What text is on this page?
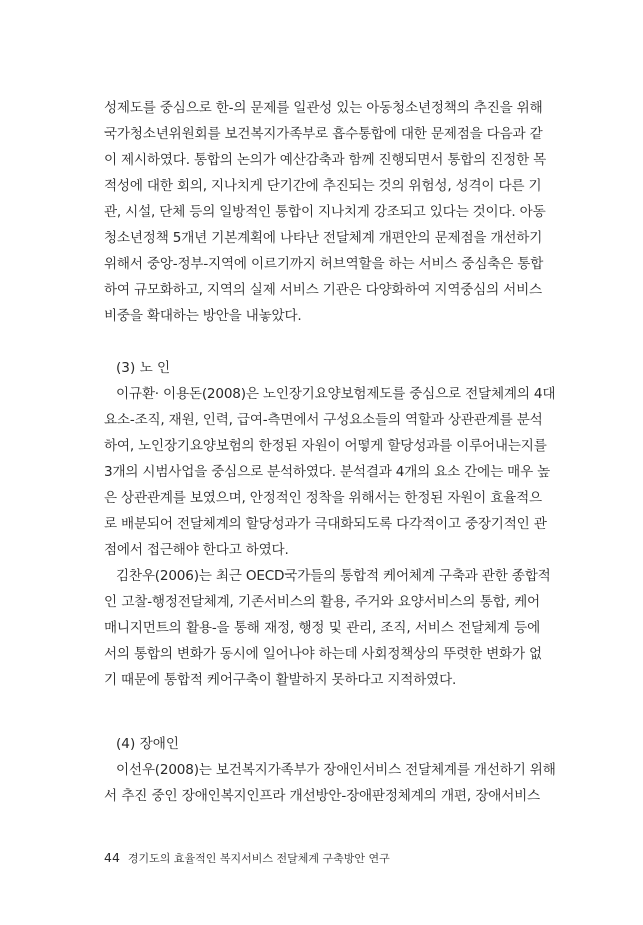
성제도를 중심으로 한-의 문제를 일관성 있는 아동청소년정책의 추진을 위해
국가청소년위원회를 보건복지가족부로 흡수통합에 대한 문제점을 다음과 같
이 제시하였다. 통합의 논의가 예산감축과 함께 진행되면서 통합의 진정한 목
적성에 대한 회의, 지나치게 단기간에 추진되는 것의 위험성, 성격이 다른 기
관, 시설, 단체 등의 일방적인 통합이 지나치게 강조되고 있다는 것이다. 아동
청소년정책 5개년 기본계획에 나타난 전달체계 개편안의 문제점을 개선하기
위해서 중앙-정부-지역에 이르기까지 허브역할을 하는 서비스 중심축은 통합
하여 규모화하고, 지역의 실제 서비스 기관은 다양화하여 지역중심의 서비스
비중을 확대하는 방안을 내놓았다.
(3) 노 인
이규환· 이용돈(2008)은 노인장기요양보험제도를 중심으로 전달체계의 4대
요소-조직, 재원, 인력, 급여-측면에서 구성요소들의 역할과 상관관계를 분석
하여, 노인장기요양보험의 한정된 자원이 어떻게 할당성과를 이루어내는지를
3개의 시범사업을 중심으로 분석하였다. 분석결과 4개의 요소 간에는 매우 높
은 상관관계를 보였으며, 안정적인 정착을 위해서는 한정된 자원이 효율적으
로 배분되어 전달체계의 할당성과가 극대화되도록 다각적이고 중장기적인 관
점에서 접근해야 한다고 하였다.
김찬우(2006)는 최근 OECD국가들의 통합적 케어체계 구축과 관한 종합적
인 고찰-행정전달체계, 기존서비스의 활용, 주거와 요양서비스의 통합, 케어
매니지먼트의 활용-을 통해 재정, 행정 및 관리, 조직, 서비스 전달체계 등에
서의 통합의 변화가 동시에 일어나야 하는데 사회정책상의 뚜렷한 변화가 없
기 때문에 통합적 케어구축이 활발하지 못하다고 지적하였다.
(4) 장애인
이선우(2008)는 보건복지가족부가 장애인서비스 전달체계를 개선하기 위해
서 추진 중인 장애인복지인프라 개선방안-장애판정체계의 개편, 장애서비스
44 경기도의 효율적인 복지서비스 전달체계 구축방안 연구
